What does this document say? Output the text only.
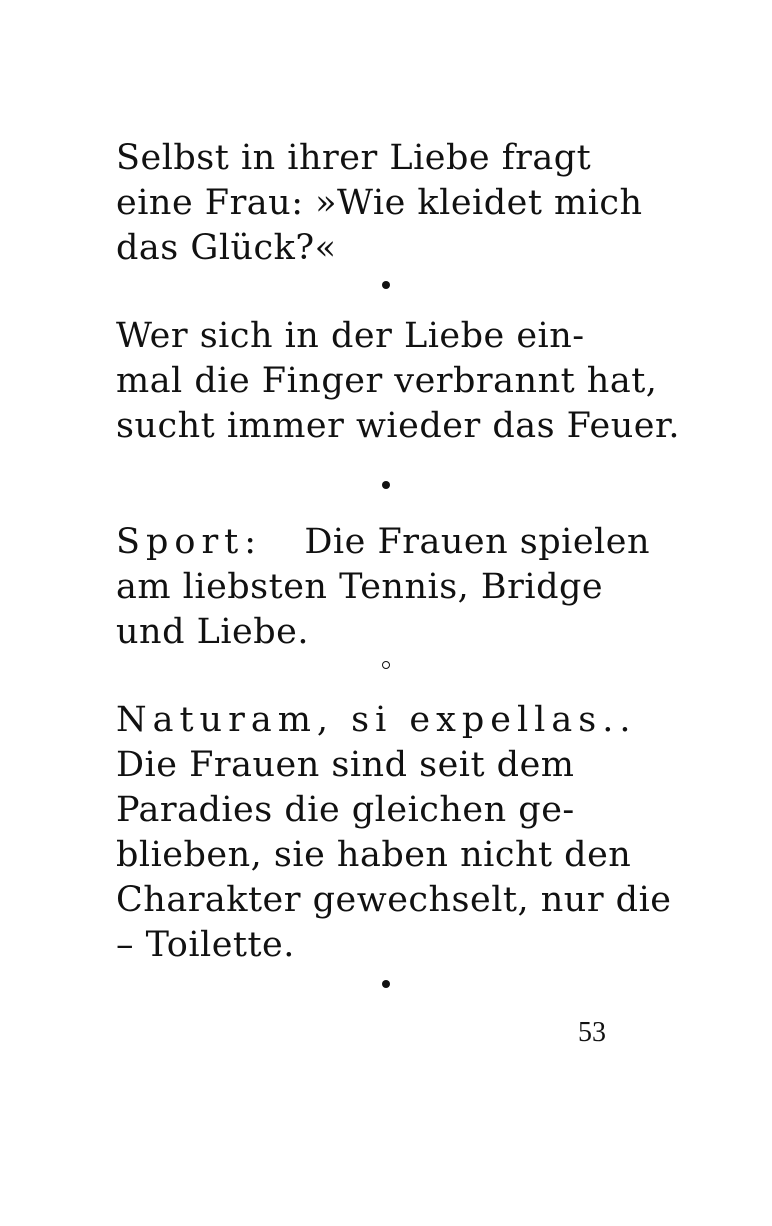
Selbst in ihrer Liebe fragt
eine Frau: »Wie kleidet mich
das Glück?«
Wer sich in der Liebe ein-
mal die Finger verbrannt hat,
sucht immer wieder das Feuer.
Sport: Die Frauen spielen
am liebsten Tennis, Bridge
und Liebe.
Naturam, si expellas..
Die Frauen sind seit dem
Paradies die gleichen ge-
blieben, sie haben nicht den
Charakter gewechselt, nur die
– Toilette.
53
